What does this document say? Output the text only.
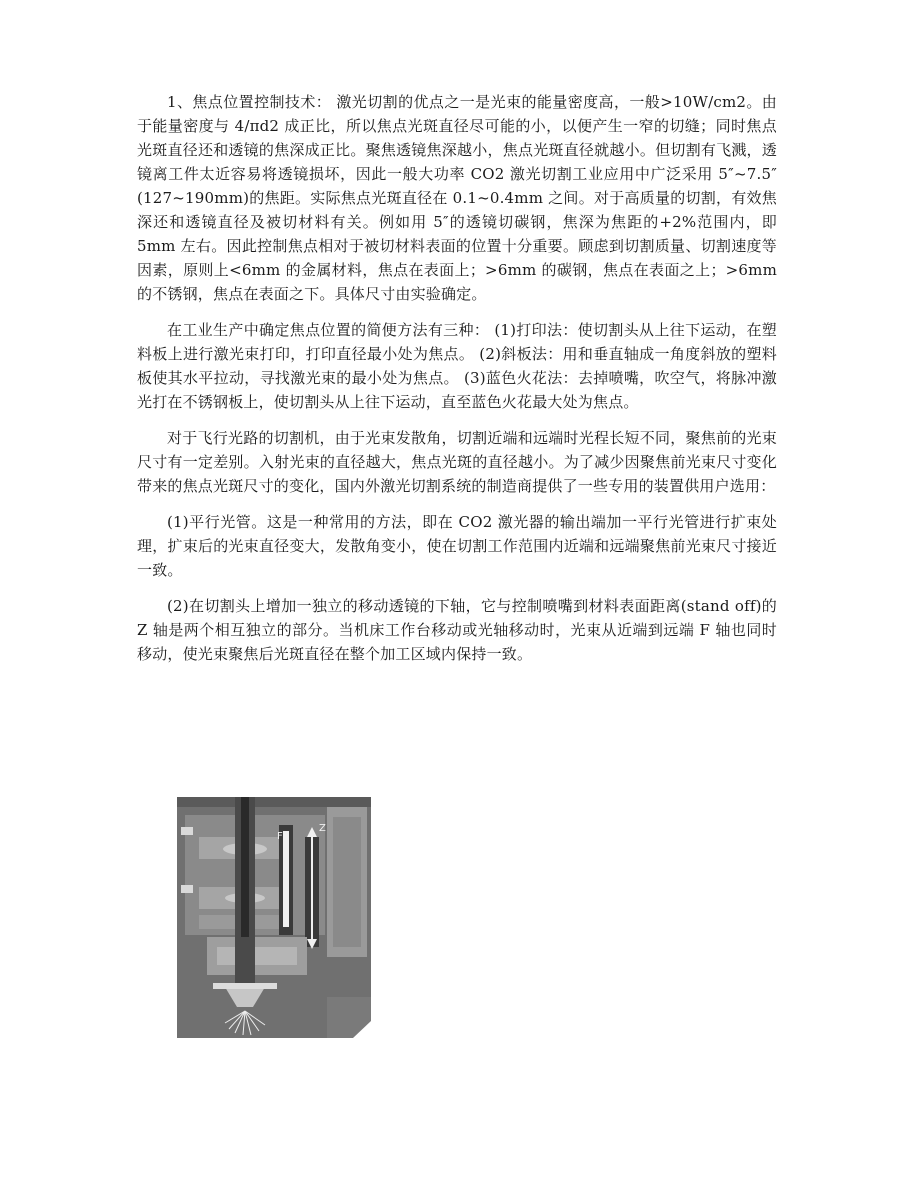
1、焦点位置控制技术： 激光切割的优点之一是光束的能量密度高，一般>10W/cm2。由于能量密度与 4/πd2 成正比，所以焦点光斑直径尽可能的小，以便产生一窄的切缝；同时焦点光斑直径还和透镜的焦深成正比。聚焦透镜焦深越小，焦点光斑直径就越小。但切割有飞溅，透镜离工件太近容易将透镜损坏，因此一般大功率 CO2 激光切割工业应用中广泛采用 5″~7.5″ (127~190mm)的焦距。实际焦点光斑直径在 0.1~0.4mm 之间。对于高质量的切割，有效焦深还和透镜直径及被切材料有关。例如用 5″的透镜切碳钢，焦深为焦距的+2%范围内，即 5mm 左右。因此控制焦点相对于被切材料表面的位置十分重要。顾虑到切割质量、切割速度等因素，原则上<6mm 的金属材料，焦点在表面上；>6mm 的碳钢，焦点在表面之上；>6mm 的不锈钢，焦点在表面之下。具体尺寸由实验确定。

在工业生产中确定焦点位置的简便方法有三种： (1)打印法：使切割头从上往下运动，在塑料板上进行激光束打印，打印直径最小处为焦点。 (2)斜板法：用和垂直轴成一角度斜放的塑料板使其水平拉动，寻找激光束的最小处为焦点。 (3)蓝色火花法：去掉喷嘴，吹空气，将脉冲激光打在不锈钢板上，使切割头从上往下运动，直至蓝色火花最大处为焦点。

对于飞行光路的切割机，由于光束发散角，切割近端和远端时光程长短不同，聚焦前的光束尺寸有一定差别。入射光束的直径越大，焦点光斑的直径越小。为了减少因聚焦前光束尺寸变化带来的焦点光斑尺寸的变化，国内外激光切割系统的制造商提供了一些专用的装置供用户选用：

(1)平行光管。这是一种常用的方法，即在 CO2 激光器的输出端加一平行光管进行扩束处理，扩束后的光束直径变大，发散角变小，使在切割工作范围内近端和远端聚焦前光束尺寸接近一致。

(2)在切割头上增加一独立的移动透镜的下轴，它与控制喷嘴到材料表面距离(stand off)的 Z 轴是两个相互独立的部分。当机床工作台移动或光轴移动时，光束从近端到远端 F 轴也同时移动，使光束聚焦后光斑直径在整个加工区域内保持一致。

F
Z
